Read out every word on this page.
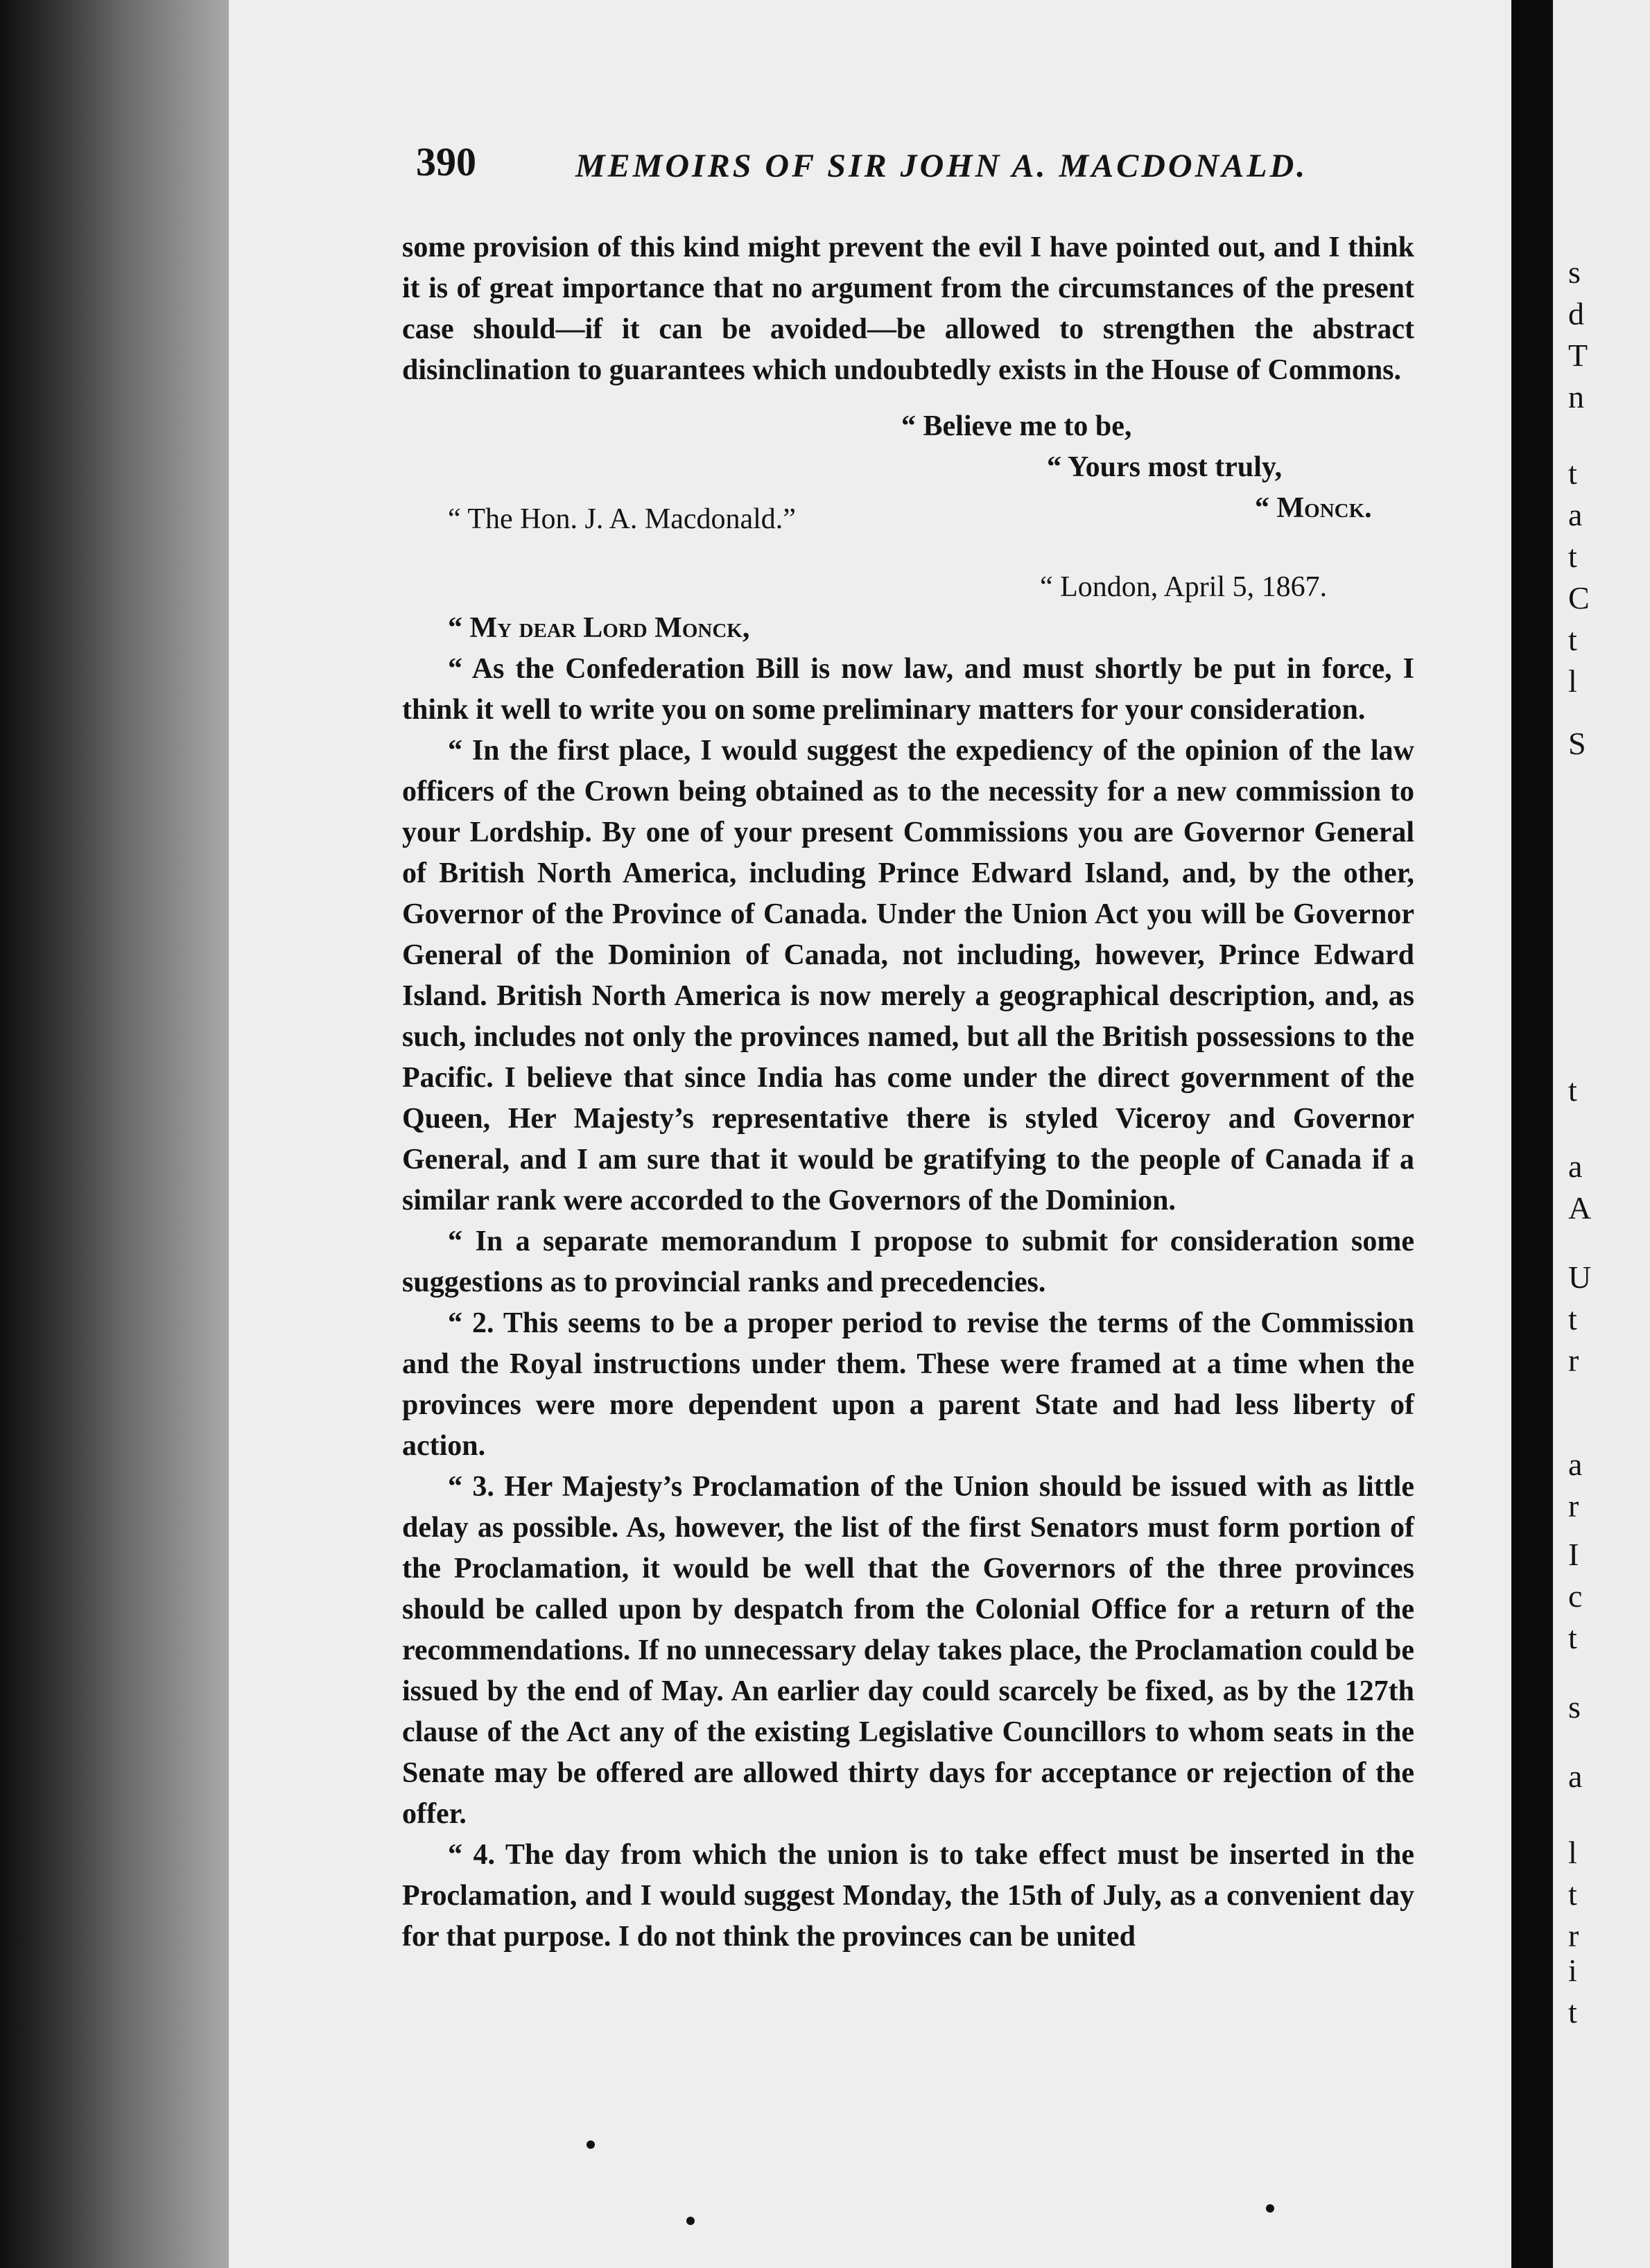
390	MEMOIRS OF SIR JOHN A. MACDONALD.

some provision of this kind might prevent the evil I have pointed out, and I think it is of great importance that no argument from the circumstances of the present case should—if it can be avoided—be allowed to strengthen the abstract disinclination to guarantees which undoubtedly exists in the House of Commons.

“ Believe me to be,
“ Yours most truly,
“ The Hon. J. A. Macdonald.”	“ Monck.
“ London, April 5, 1867.
“ My dear Lord Monck,

“ As the Confederation Bill is now law, and must shortly be put in force, I think it well to write you on some preliminary matters for your consideration.

“ In the first place, I would suggest the expediency of the opinion of the law officers of the Crown being obtained as to the necessity for a new commission to your Lordship. By one of your present Commissions you are Governor General of British North America, including Prince Edward Island, and, by the other, Governor of the Province of Canada. Under the Union Act you will be Governor General of the Dominion of Canada, not including, however, Prince Edward Island. British North America is now merely a geographical description, and, as such, includes not only the provinces named, but all the British possessions to the Pacific. I believe that since India has come under the direct government of the Queen, Her Majesty’s representative there is styled Viceroy and Governor General, and I am sure that it would be gratifying to the people of Canada if a similar rank were accorded to the Governors of the Dominion.

“ In a separate memorandum I propose to submit for consideration some suggestions as to provincial ranks and precedencies.

“ 2. This seems to be a proper period to revise the terms of the Commission and the Royal instructions under them. These were framed at a time when the provinces were more dependent upon a parent State and had less liberty of action.

“ 3. Her Majesty’s Proclamation of the Union should be issued with as little delay as possible. As, however, the list of the first Senators must form portion of the Proclamation, it would be well that the Governors of the three provinces should be called upon by despatch from the Colonial Office for a return of the recommendations. If no unnecessary delay takes place, the Proclamation could be issued by the end of May. An earlier day could scarcely be fixed, as by the 127th clause of the Act any of the existing Legislative Councillors to whom seats in the Senate may be offered are allowed thirty days for acceptance or rejection of the offer.

“ 4. The day from which the union is to take effect must be inserted in the Proclamation, and I would suggest Monday, the 15th of July, as a convenient day for that purpose. I do not think the provinces can be united

s
d
T
n
t
a
t
C
t
l
S
t
a
A
U
t
r
a
r
I
c
t
s
a
l
t
r
i
t
